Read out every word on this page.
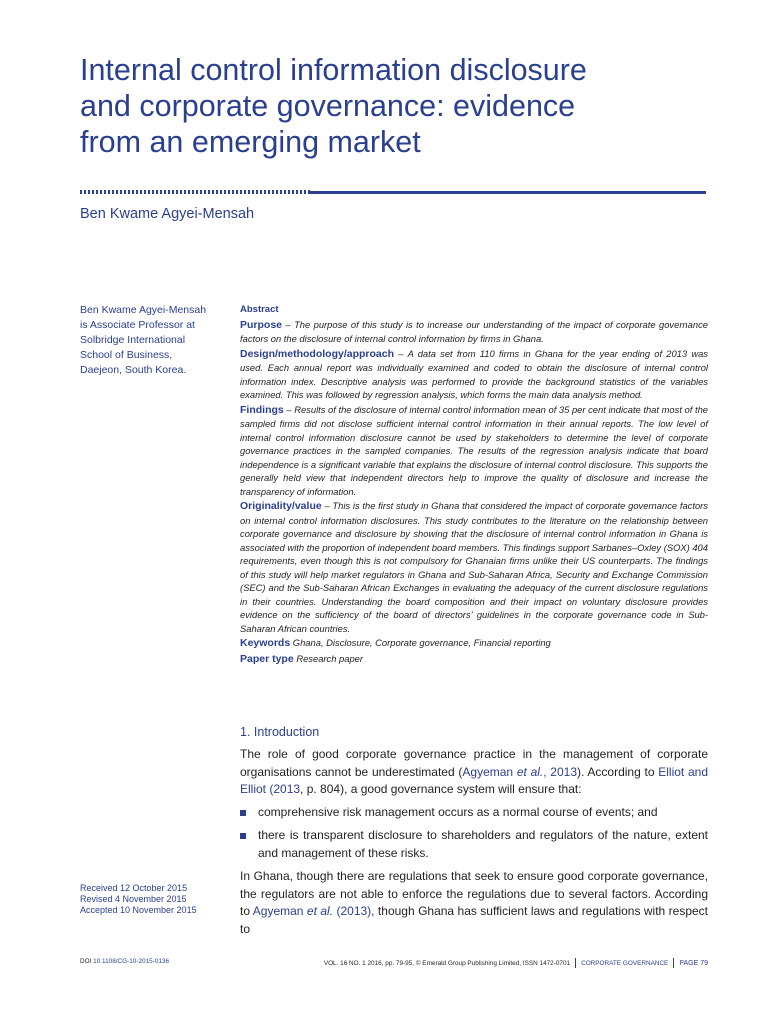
Internal control information disclosure
and corporate governance: evidence
from an emerging market
Ben Kwame Agyei-Mensah

Ben Kwame Agyei-Mensah is Associate Professor at Solbridge International School of Business, Daejeon, South Korea.

Abstract

Purpose – The purpose of this study is to increase our understanding of the impact of corporate governance factors on the disclosure of internal control information by firms in Ghana.

Design/methodology/approach – A data set from 110 firms in Ghana for the year ending of 2013 was used. Each annual report was individually examined and coded to obtain the disclosure of internal control information index. Descriptive analysis was performed to provide the background statistics of the variables examined. This was followed by regression analysis, which forms the main data analysis method.

Findings – Results of the disclosure of internal control information mean of 35 per cent indicate that most of the sampled firms did not disclose sufficient internal control information in their annual reports. The low level of internal control information disclosure cannot be used by stakeholders to determine the level of corporate governance practices in the sampled companies. The results of the regression analysis indicate that board independence is a significant variable that explains the disclosure of internal control disclosure. This supports the generally held view that independent directors help to improve the quality of disclosure and increase the transparency of information.

Originality/value – This is the first study in Ghana that considered the impact of corporate governance factors on internal control information disclosures. This study contributes to the literature on the relationship between corporate governance and disclosure by showing that the disclosure of internal control information in Ghana is associated with the proportion of independent board members. This findings support Sarbanes–Oxley (SOX) 404 requirements, even though this is not compulsory for Ghanaian firms unlike their US counterparts. The findings of this study will help market regulators in Ghana and Sub-Saharan Africa, Security and Exchange Commission (SEC) and the Sub-Saharan African Exchanges in evaluating the adequacy of the current disclosure regulations in their countries. Understanding the board composition and their impact on voluntary disclosure provides evidence on the sufficiency of the board of directors’ guidelines in the corporate governance code in Sub-Saharan African countries.

Keywords Ghana, Disclosure, Corporate governance, Financial reporting

Paper type Research paper

1. Introduction

The role of good corporate governance practice in the management of corporate organisations cannot be underestimated (Agyeman et al., 2013). According to Elliot and Elliot (2013, p. 804), a good governance system will ensure that:

comprehensive risk management occurs as a normal course of events; and
there is transparent disclosure to shareholders and regulators of the nature, extent and management of these risks.

In Ghana, though there are regulations that seek to ensure good corporate governance, the regulators are not able to enforce the regulations due to several factors. According to Agyeman et al. (2013), though Ghana has sufficient laws and regulations with respect to

Received 12 October 2015
Revised 4 November 2015
Accepted 10 November 2015
DOI 10.1108/CG-10-2015-0136	VOL. 16 NO. 1 2016, pp. 79-95, © Emerald Group Publishing Limited, ISSN 1472-0701 CORPORATE GOVERNANCE PAGE 79
